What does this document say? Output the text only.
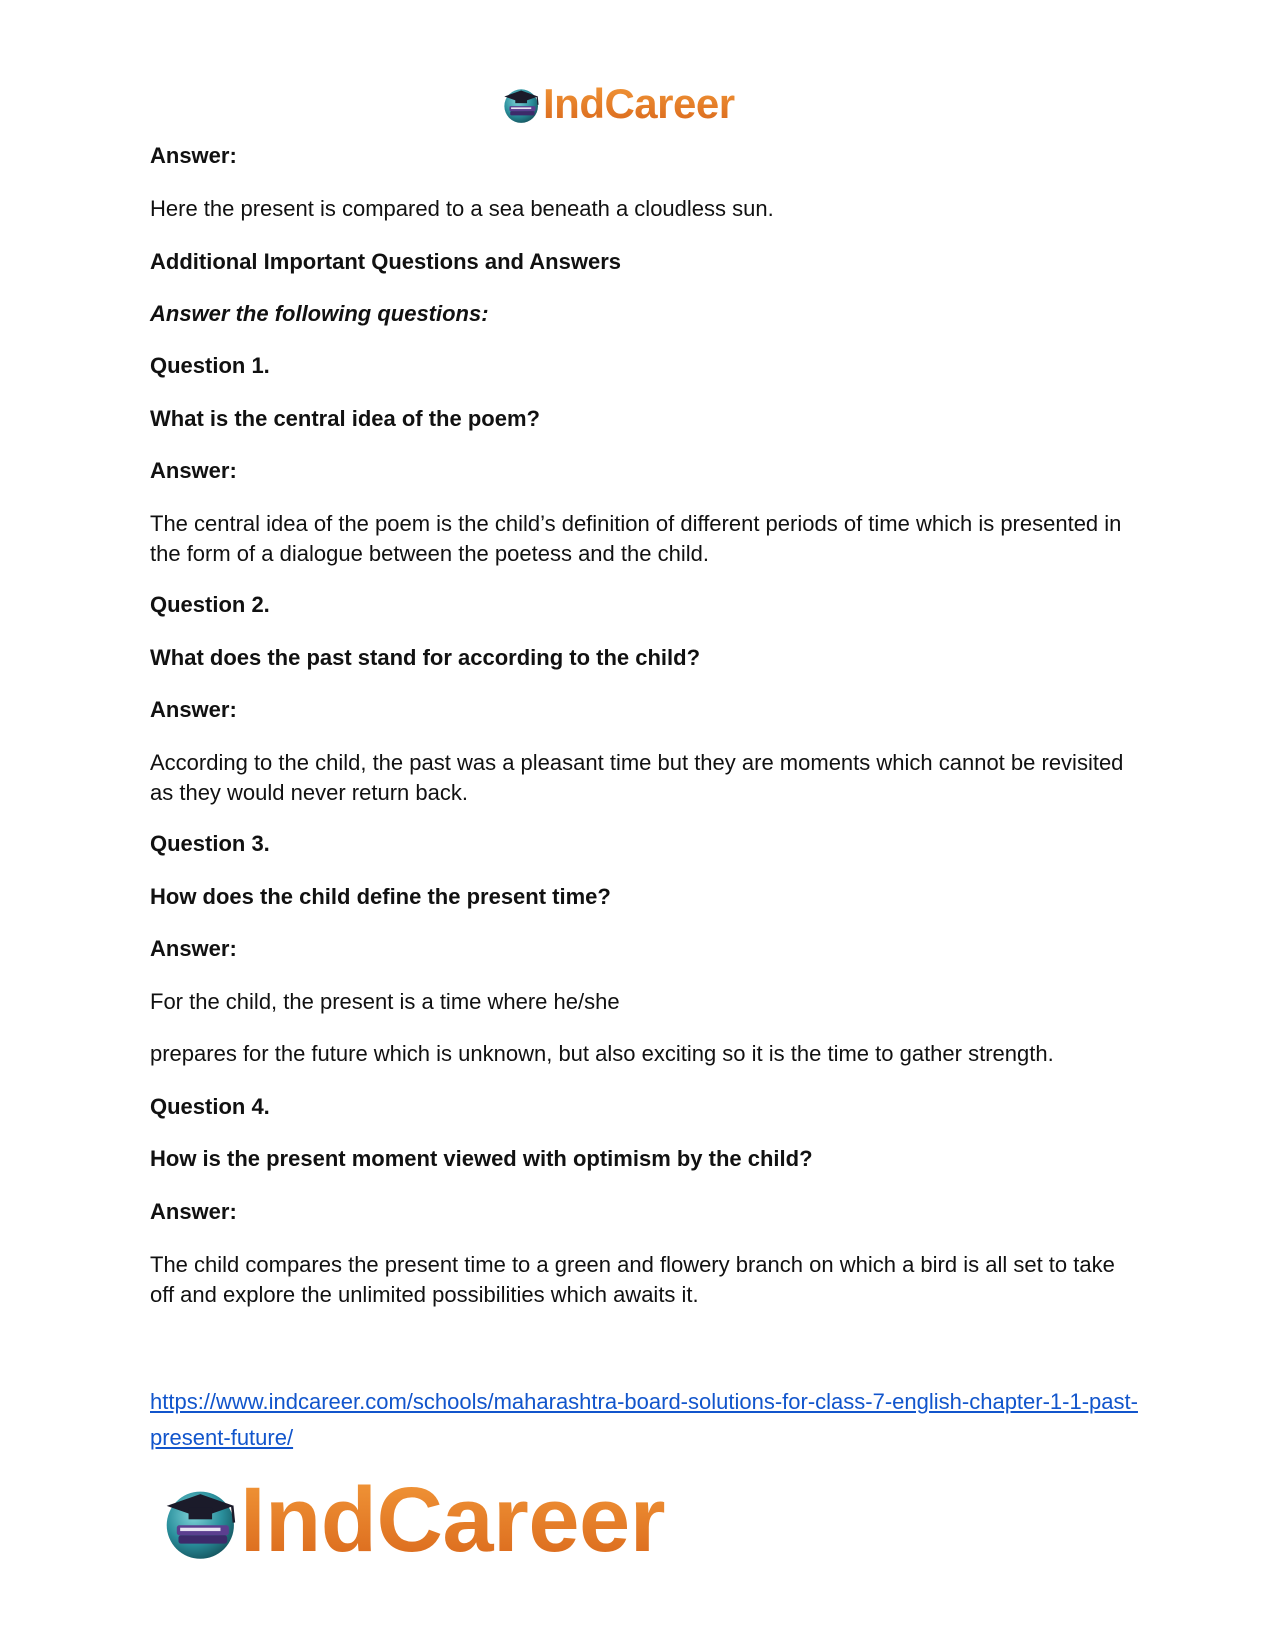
IndCareer

Answer:

Here the present is compared to a sea beneath a cloudless sun.

Additional Important Questions and Answers

Answer the following questions:

Question 1.

What is the central idea of the poem?

Answer:

The central idea of the poem is the child’s definition of different periods of time which is presented in the form of a dialogue between the poetess and the child.

Question 2.

What does the past stand for according to the child?

Answer:

According to the child, the past was a pleasant time but they are moments which cannot be revisited as they would never return back.

Question 3.

How does the child define the present time?

Answer:

For the child, the present is a time where he/she

prepares for the future which is unknown, but also exciting so it is the time to gather strength.

Question 4.

How is the present moment viewed with optimism by the child?

Answer:

The child compares the present time to a green and flowery branch on which a bird is all set to take off and explore the unlimited possibilities which awaits it.

https://www.indcareer.com/schools/maharashtra-board-solutions-for-class-7-english-chapter-1-1-past-present-future/
IndCareer
